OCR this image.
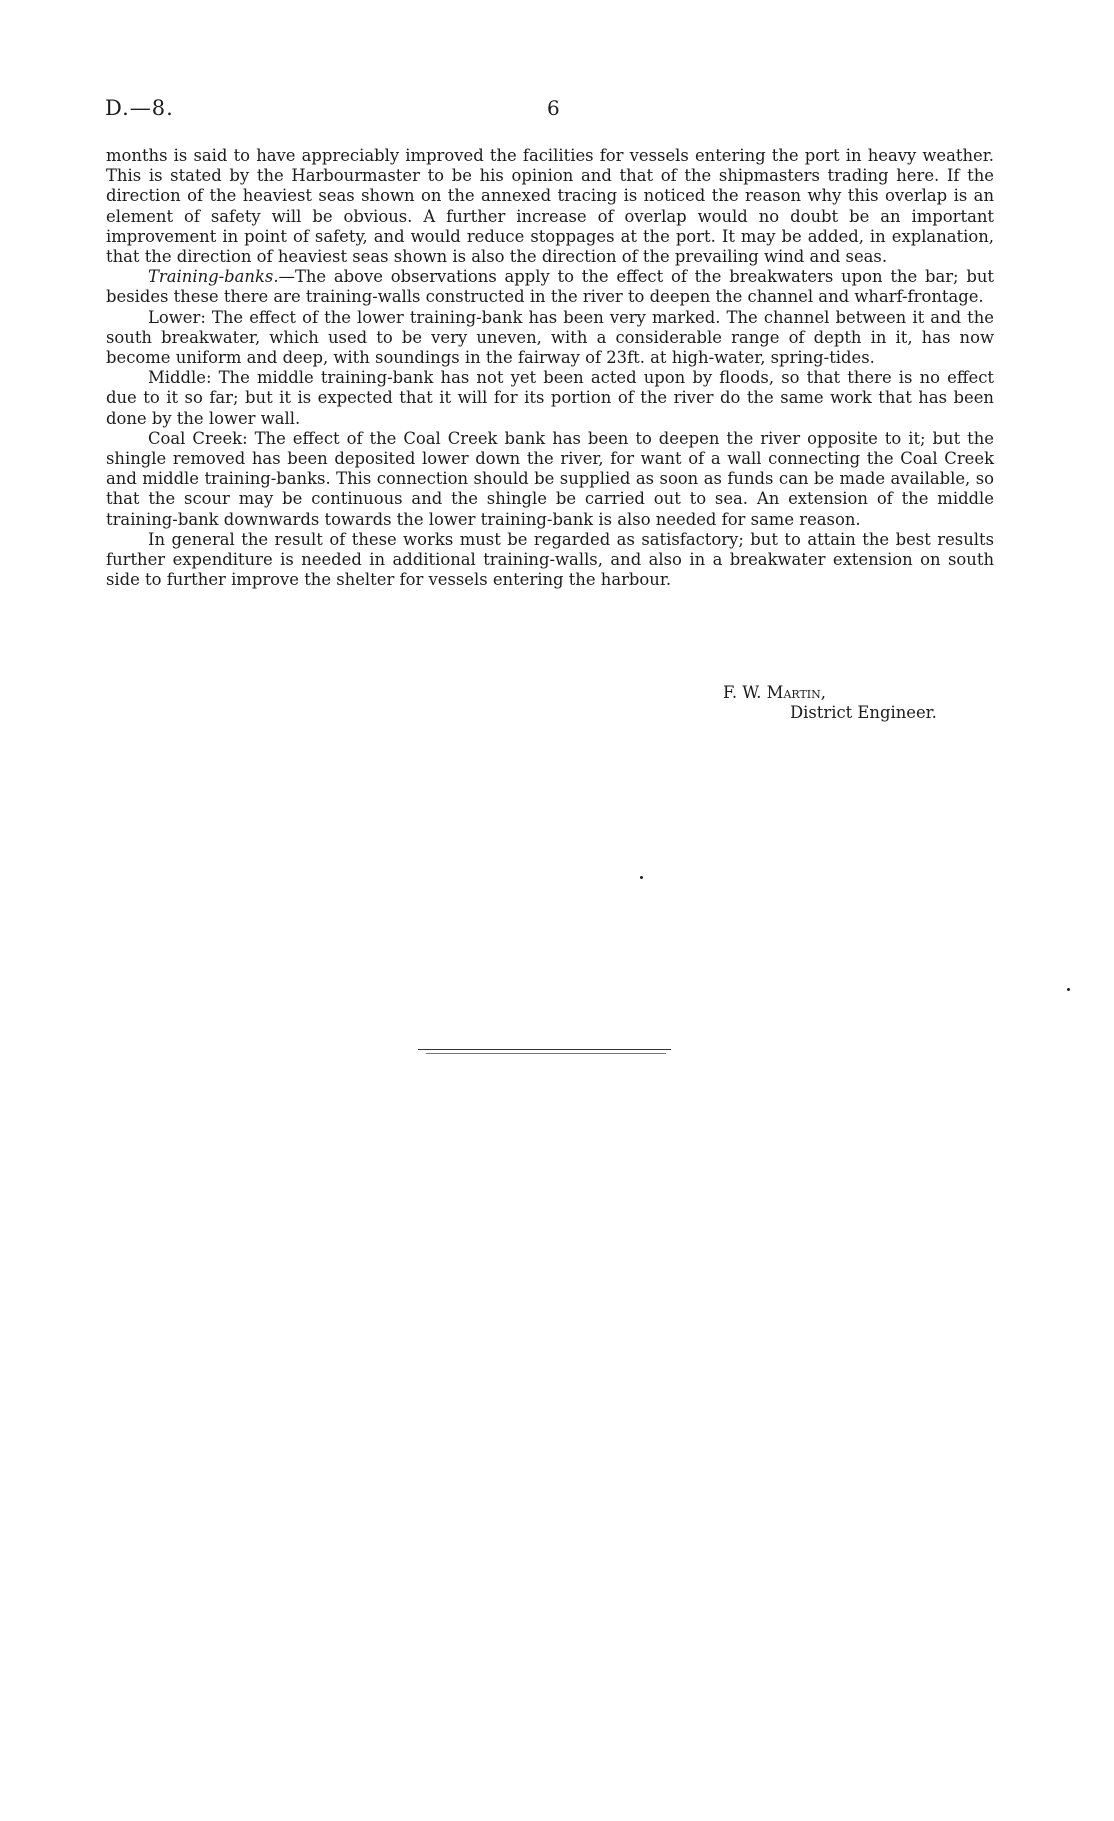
D.—8.	6

months is said to have appreciably improved the facilities for vessels entering the port in heavy weather. This is stated by the Harbourmaster to be his opinion and that of the shipmasters trading here. If the direction of the heaviest seas shown on the annexed tracing is noticed the reason why this overlap is an element of safety will be obvious. A further increase of overlap would no doubt be an important improvement in point of safety, and would reduce stoppages at the port. It may be added, in explanation, that the direction of heaviest seas shown is also the direction of the prevailing wind and seas.

Training-banks.—The above observations apply to the effect of the breakwaters upon the bar; but besides these there are training-walls constructed in the river to deepen the channel and wharf-frontage.

Lower: The effect of the lower training-bank has been very marked. The channel between it and the south breakwater, which used to be very uneven, with a considerable range of depth in it, has now become uniform and deep, with soundings in the fairway of 23ft. at high-water, spring-tides.

Middle: The middle training-bank has not yet been acted upon by floods, so that there is no effect due to it so far; but it is expected that it will for its portion of the river do the same work that has been done by the lower wall.

Coal Creek: The effect of the Coal Creek bank has been to deepen the river opposite to it; but the shingle removed has been deposited lower down the river, for want of a wall connecting the Coal Creek and middle training-banks. This connection should be supplied as soon as funds can be made available, so that the scour may be continuous and the shingle be carried out to sea. An extension of the middle training-bank downwards towards the lower training-bank is also needed for same reason.

In general the result of these works must be regarded as satisfactory; but to attain the best results further expenditure is needed in additional training-walls, and also in a breakwater extension on south side to further improve the shelter for vessels entering the harbour.

F. W. Martin,
District Engineer.
